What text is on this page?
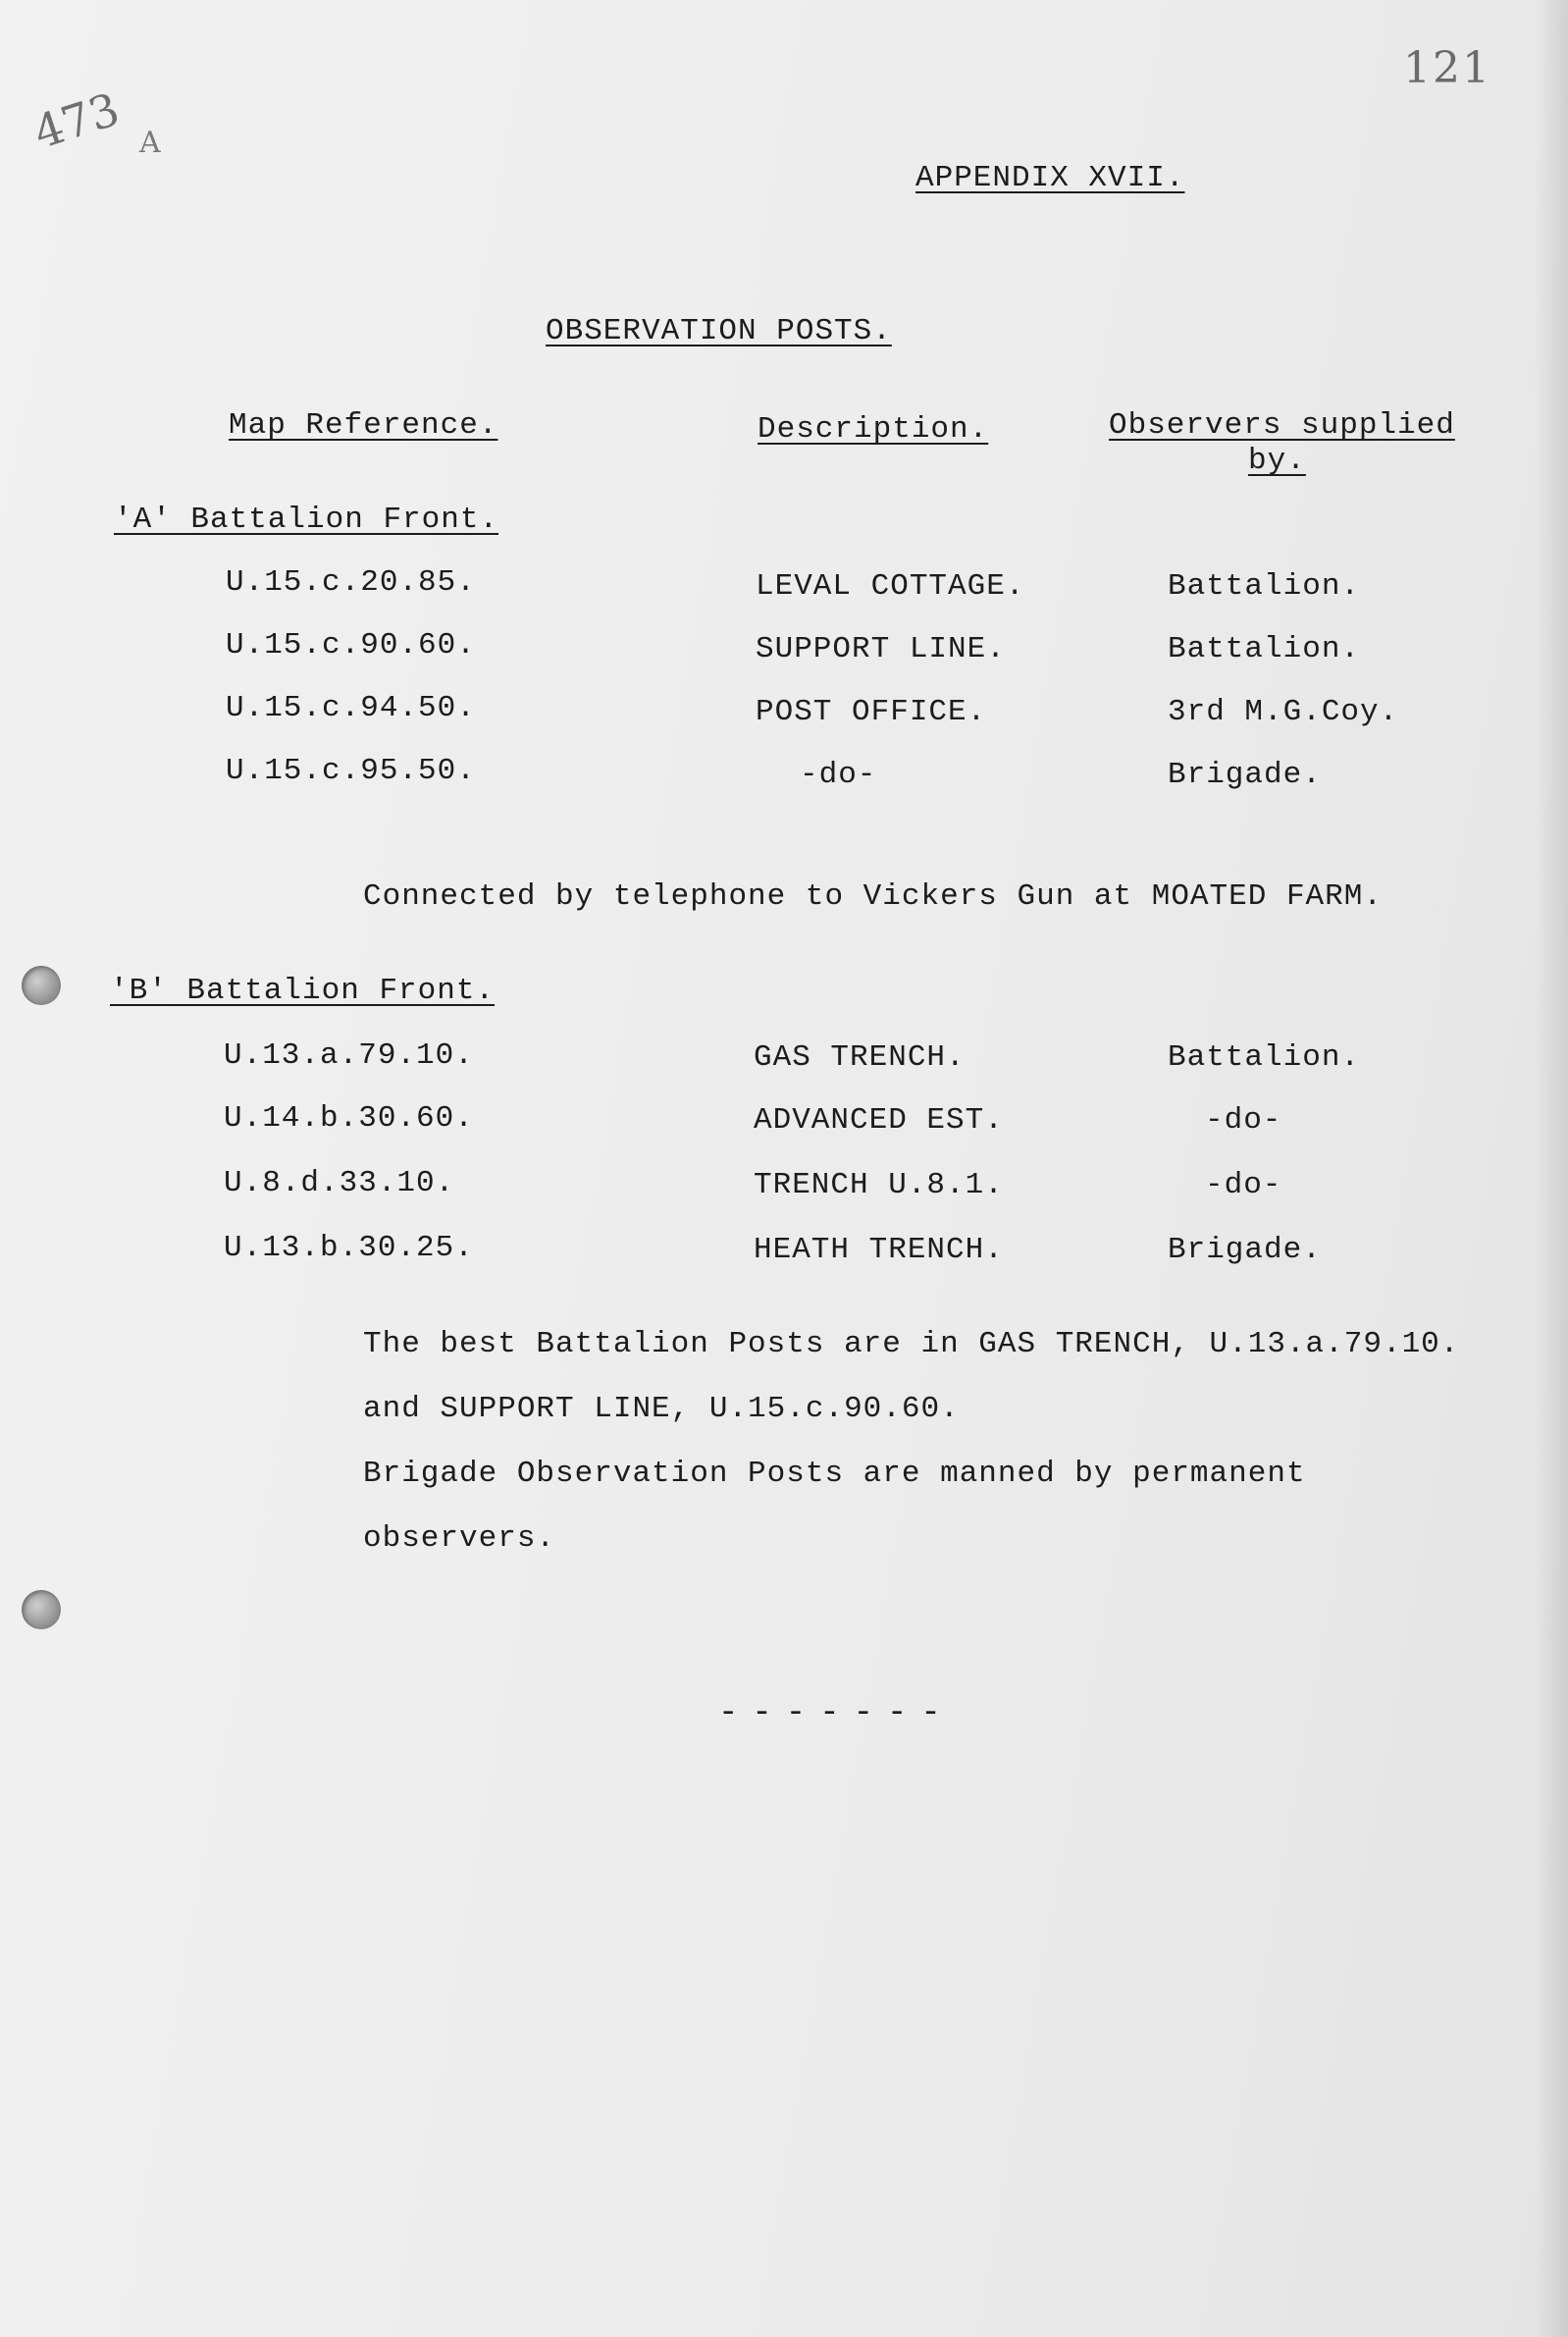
121
473 A
APPENDIX XVII.
OBSERVATION POSTS.
Map Reference.	Description.	Observers supplied
by.
'A' Battalion Front.
U.15.c.20.85.	LEVAL COTTAGE.	Battalion.
U.15.c.90.60.	SUPPORT LINE.	Battalion.
U.15.c.94.50.	POST OFFICE.	3rd M.G.Coy.
U.15.c.95.50.	-do-	Brigade.
Connected by telephone to Vickers Gun at MOATED FARM.
'B' Battalion Front.
U.13.a.79.10.	GAS TRENCH.	Battalion.
U.14.b.30.60.	ADVANCED EST.	-do-
U.8.d.33.10.	TRENCH U.8.1.	-do-
U.13.b.30.25.	HEATH TRENCH.	Brigade.
The best Battalion Posts are in GAS TRENCH, U.13.a.79.10.
and SUPPORT LINE, U.15.c.90.60.
Brigade Observation Posts are manned by permanent
observers.
-------
